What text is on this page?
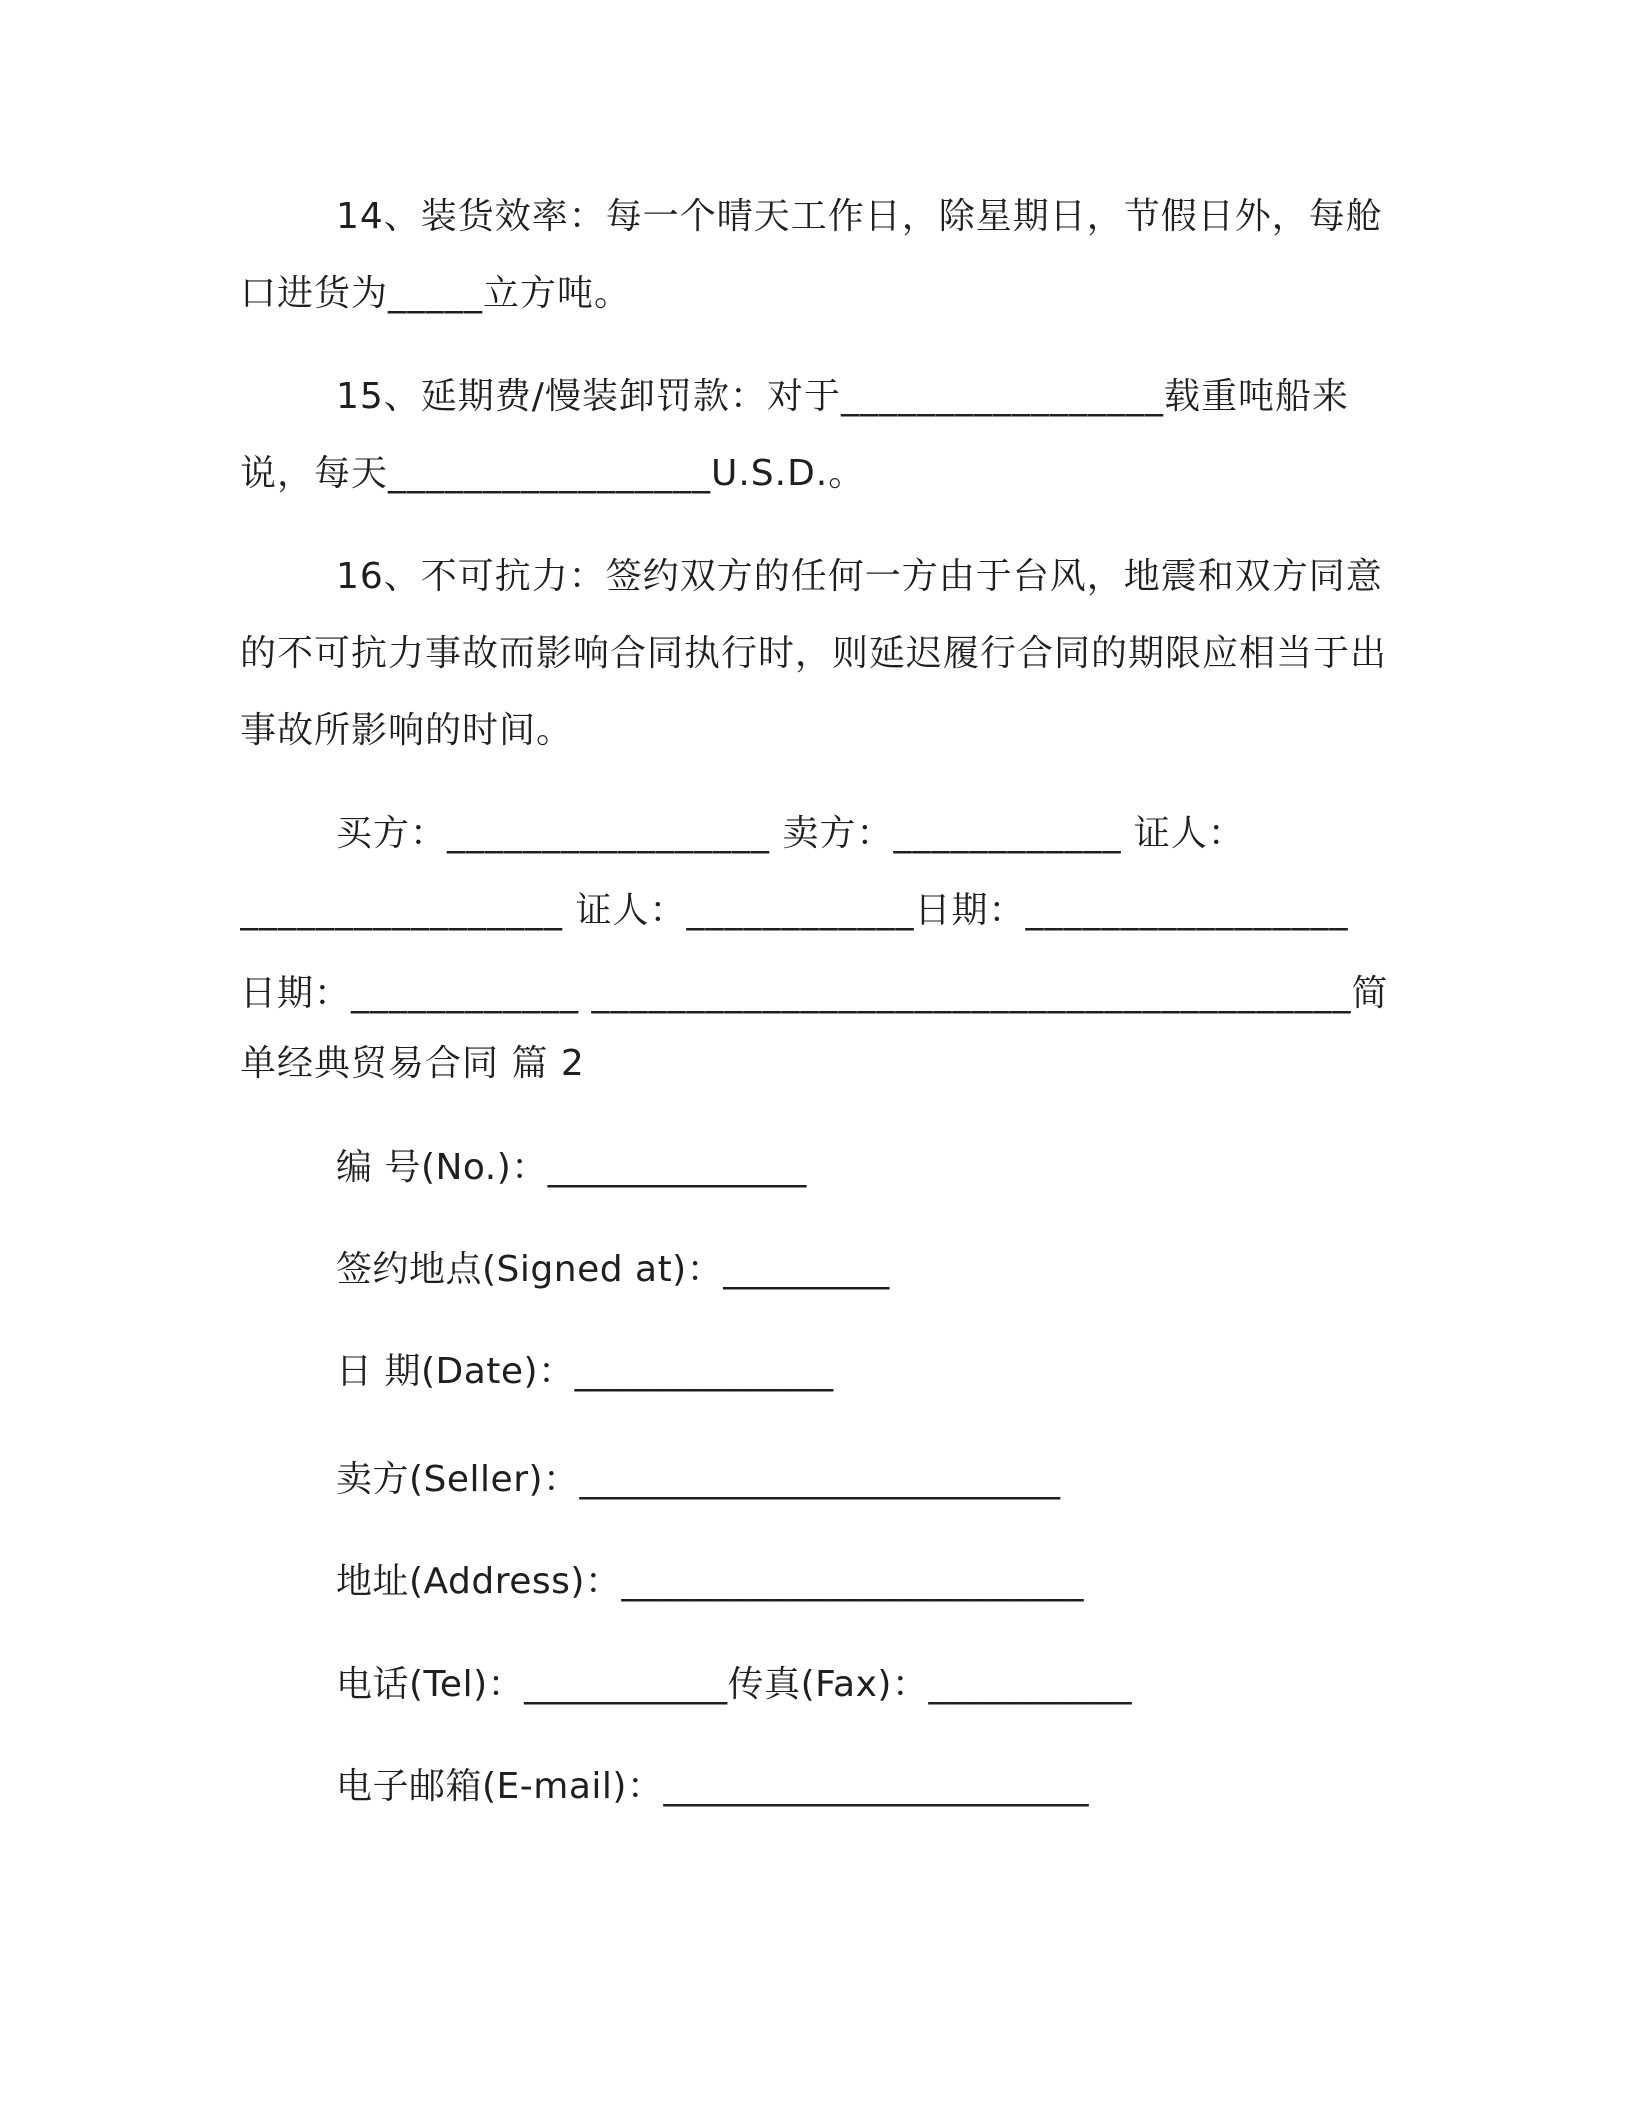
14、装货效率：每一个晴天工作日，除星期日，节假日外，每舱口进货为_____立方吨。
15、延期费/慢装卸罚款：对于_________________载重吨船来说，每天_________________U.S.D.。
16、不可抗力：签约双方的任何一方由于台风，地震和双方同意的不可抗力事故而影响合同执行时，则延迟履行合同的期限应相当于出事故所影响的时间。
买方：_________________ 卖方：____________ 证人：
_________________ 证人：____________日期：_________________
日期：____________ ________________________________________简
单经典贸易合同 篇 2
编 号(No.)：______________
签约地点(Signed at)：_________
日 期(Date)：______________
卖方(Seller)：__________________________
地址(Address)：_________________________
电话(Tel)：___________传真(Fax)：___________
电子邮箱(E-mail)：_______________________
